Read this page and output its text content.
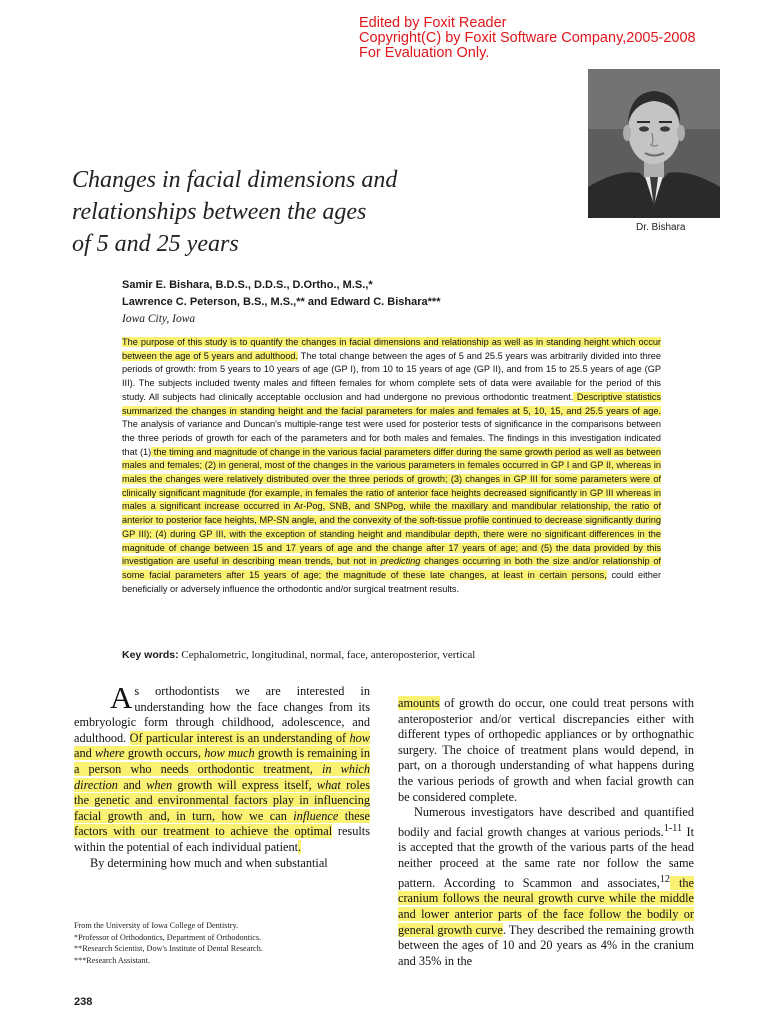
Edited by Foxit Reader
Copyright(C) by Foxit Software Company,2005-2008
For Evaluation Only.
Dr. Bishara
Changes in facial dimensions and
relationships between the ages
of 5 and 25 years
Samir E. Bishara, B.D.S., D.D.S., D.Ortho., M.S.,*
Lawrence C. Peterson, B.S., M.S.,** and Edward C. Bishara***
Iowa City, Iowa

The purpose of this study is to quantify the changes in facial dimensions and relationship as well as in standing height which occur between the age of 5 years and adulthood. The total change between the ages of 5 and 25.5 years was arbitrarily divided into three periods of growth: from 5 years to 10 years of age (GP I), from 10 to 15 years of age (GP II), and from 15 to 25.5 years of age (GP III). The subjects included twenty males and fifteen females for whom complete sets of data were available for the period of this study. All subjects had clinically acceptable occlusion and had undergone no previous orthodontic treatment. Descriptive statistics summarized the changes in standing height and the facial parameters for males and females at 5, 10, 15, and 25.5 years of age. The analysis of variance and Duncan's multiple-range test were used for posterior tests of significance in the comparisons between the three periods of growth for each of the parameters and for both males and females. The findings in this investigation indicated that (1) the timing and magnitude of change in the various facial parameters differ during the same growth period as well as between males and females; (2) in general, most of the changes in the various parameters in females occurred in GP I and GP II, whereas in males the changes were relatively distributed over the three periods of growth; (3) changes in GP III for some parameters were of clinically significant magnitude (for example, in females the ratio of anterior face heights decreased significantly in GP III whereas in males a significant increase occurred in Ar-Pog, SNB, and SNPog, while the maxillary and mandibular relationship, the ratio of anterior to posterior face heights, MP-SN angle, and the convexity of the soft-tissue profile continued to decrease significantly during GP III); (4) during GP III, with the exception of standing height and mandibular depth, there were no significant differences in the magnitude of change between 15 and 17 years of age and the change after 17 years of age; and (5) the data provided by this investigation are useful in describing mean trends, but not in predicting changes occurring in both the size and/or relationship of some facial parameters after 15 years of age; the magnitude of these late changes, at least in certain persons, could either beneficially or adversely influence the orthodontic and/or surgical treatment results.

Key words: Cephalometric, longitudinal, normal, face, anteroposterior, vertical

As orthodontists we are interested in understanding how the face changes from its embryologic form through childhood, adolescence, and adulthood. Of particular interest is an understanding of how and where growth occurs, how much growth is remaining in a person who needs orthodontic treatment, in which direction and when growth will express itself, what roles the genetic and environmental factors play in influencing facial growth and, in turn, how we can influence these factors with our treatment to achieve the optimal results within the potential of each individual patient.

By determining how much and when substantial

From the University of Iowa College of Dentistry.
*Professor of Orthodontics, Department of Orthodontics.
**Research Scientist, Dow's Institute of Dental Research.
***Research Assistant.
238

amounts of growth do occur, one could treat persons with anteroposterior and/or vertical discrepancies either with different types of orthopedic appliances or by orthognathic surgery. The choice of treatment plans would depend, in part, on a thorough understanding of what happens during the various periods of growth and when facial growth can be considered complete.

Numerous investigators have described and quantified bodily and facial growth changes at various periods.$^{1-11}$ It is accepted that the growth of the various parts of the head neither proceed at the same rate nor follow the same pattern. According to Scammon and associates,$^{12}$ the cranium follows the neural growth curve while the middle and lower anterior parts of the face follow the bodily or general growth curve. They described the remaining growth between the ages of 10 and 20 years as 4% in the cranium and 35% in the
